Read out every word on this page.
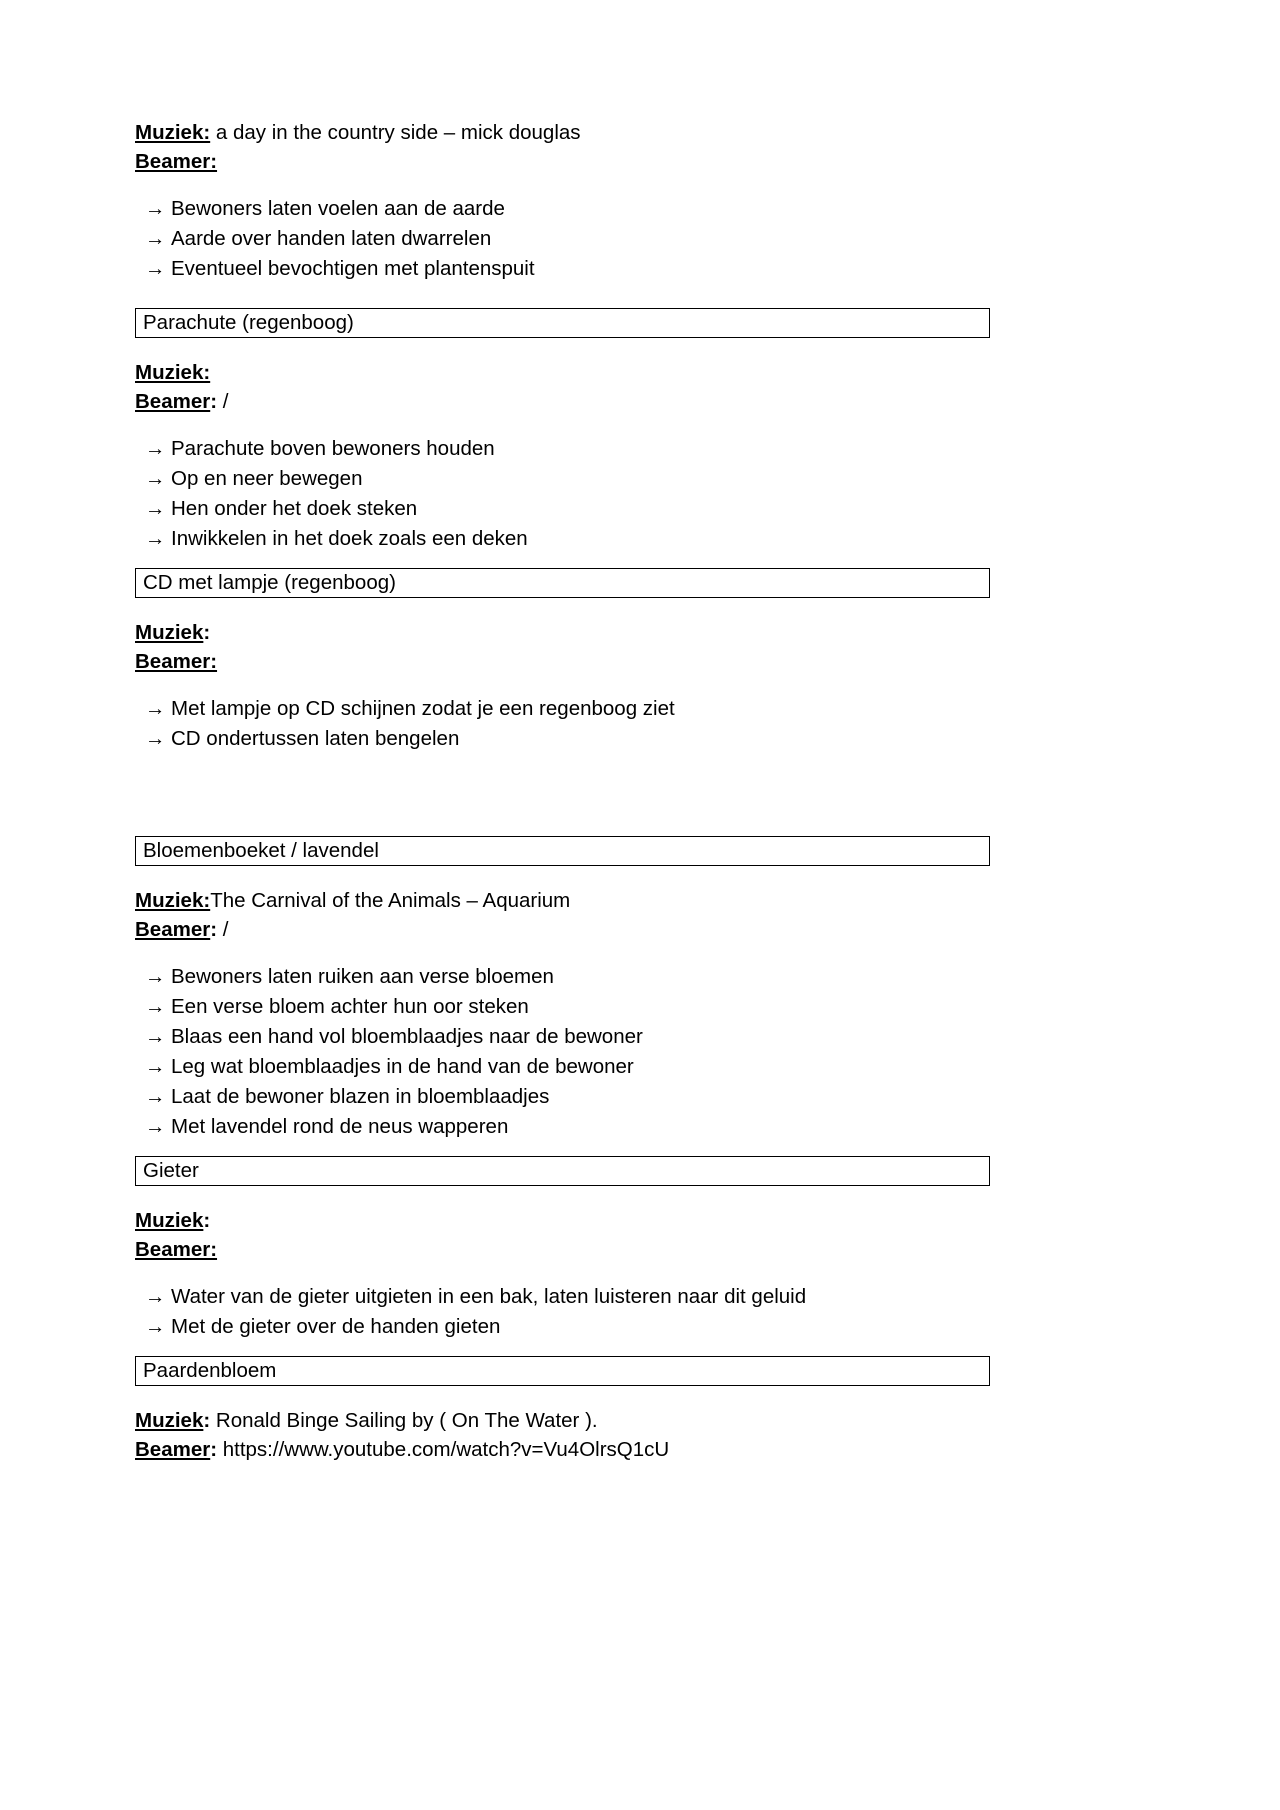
Muziek: a day in the country side – mick douglas
Beamer:
→ Bewoners laten voelen aan de aarde
→ Aarde over handen laten dwarrelen
→ Eventueel bevochtigen met plantenspuit
Parachute (regenboog)
Muziek:
Beamer: /
→ Parachute boven bewoners houden
→ Op en neer bewegen
→ Hen onder het doek steken
→ Inwikkelen in het doek zoals een deken
CD met lampje (regenboog)
Muziek:
Beamer:
→ Met lampje op CD schijnen zodat je een regenboog ziet
→ CD ondertussen laten bengelen
Bloemenboeket / lavendel
Muziek:The Carnival of the Animals – Aquarium
Beamer: /
→ Bewoners laten ruiken aan verse bloemen
→ Een verse bloem achter hun oor steken
→ Blaas een hand vol bloemblaadjes naar de bewoner
→ Leg wat bloemblaadjes in de hand van de bewoner
→ Laat de bewoner blazen in bloemblaadjes
→ Met lavendel rond de neus wapperen
Gieter
Muziek:
Beamer:
→ Water van de gieter uitgieten in een bak, laten luisteren naar dit geluid
→ Met de gieter over de handen gieten
Paardenbloem
Muziek: Ronald Binge Sailing by ( On The Water ).
Beamer: https://www.youtube.com/watch?v=Vu4OlrsQ1cU
